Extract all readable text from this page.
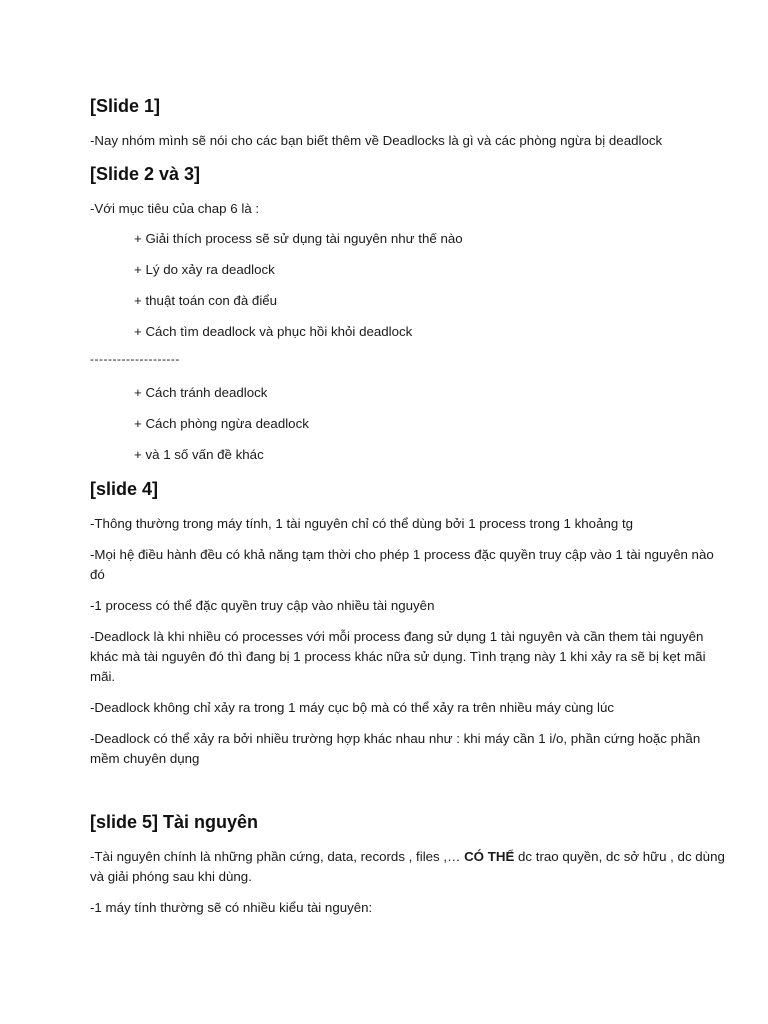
[Slide 1]

-Nay nhóm mình sẽ nói cho các bạn biết thêm về Deadlocks là gì và các phòng ngừa bị deadlock

[Slide 2 và 3]

-Với mục tiêu của chap 6 là :

+ Giải thích process sẽ sử dụng tài nguyên như thế nào

+ Lý do xảy ra deadlock

+ thuật toán con đà điểu

+ Cách tìm deadlock và phục hồi khỏi deadlock

--------------------

+ Cách tránh deadlock

+ Cách phòng ngừa deadlock

+ và 1 số vấn đề khác

[slide 4]

-Thông thường trong máy tính, 1 tài nguyên chỉ có thể dùng bởi 1 process trong 1 khoảng tg

-Mọi hệ điều hành đều có khả năng tạm thời cho phép 1 process đặc quyền truy cập vào 1 tài nguyên nào đó

-1 process có thể đặc quyền truy cập vào nhiều tài nguyên

-Deadlock là khi nhiều có processes với mỗi process đang sử dụng 1 tài nguyên và cần them tài nguyên khác mà tài nguyên đó thì đang bị 1 process khác nữa sử dụng. Tình trạng này 1 khi xảy ra sẽ bị kẹt mãi mãi.

-Deadlock không chỉ xảy ra trong 1 máy cục bộ mà có thể xảy ra trên nhiều máy cùng lúc

-Deadlock có thể xảy ra bởi nhiều trường hợp khác nhau như : khi máy cần 1 i/o, phần cứng hoặc phần mềm chuyên dụng

[slide 5] Tài nguyên

-Tài nguyên chính là những phần cứng, data, records , files ,… CÓ THỂ dc trao quyền, dc sở hữu , dc dùng và giải phóng sau khi dùng.

-1 máy tính thường sẽ có nhiều kiểu tài nguyên:
